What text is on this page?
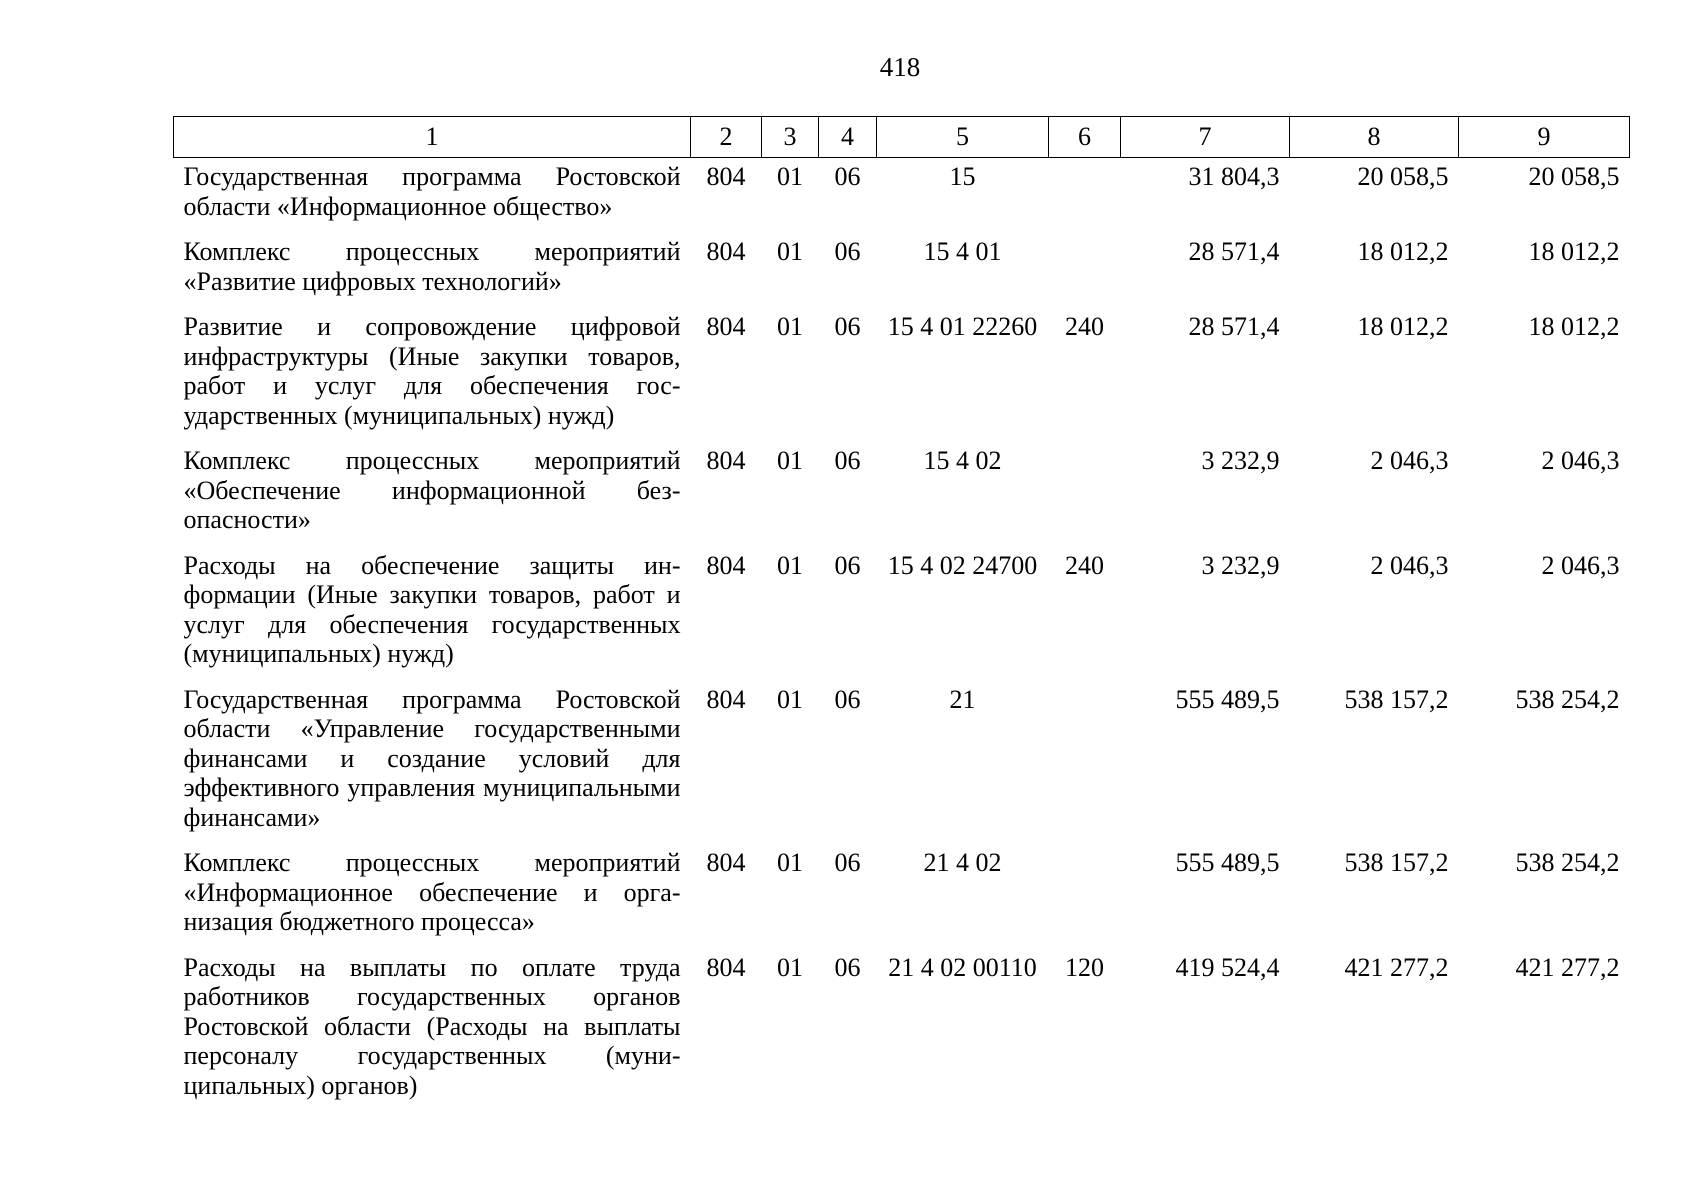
418
1	2	3	4	5	6	7	8	9
Государственная программа Ростовской области «Информационное общество»	804	01	06	15		31 804,3	20 058,5	20 058,5
Комплекс процессных мероприятий «Развитие цифровых технологий»	804	01	06	15 4 01		28 571,4	18 012,2	18 012,2
Развитие и сопровождение цифровой инфраструктуры (Иные закупки товаров, работ и услуг для обеспечения государственных (муниципальных) нужд)	804	01	06	15 4 01 22260	240	28 571,4	18 012,2	18 012,2
Комплекс процессных мероприятий «Обеспечение информационной безопасности»	804	01	06	15 4 02		3 232,9	2 046,3	2 046,3
Расходы на обеспечение защиты информации (Иные закупки товаров, работ и услуг для обеспечения государственных (муниципальных) нужд)	804	01	06	15 4 02 24700	240	3 232,9	2 046,3	2 046,3
Государственная программа Ростовской области «Управление государственными финансами и создание условий для эффективного управления муниципальными финансами»	804	01	06	21		555 489,5	538 157,2	538 254,2
Комплекс процессных мероприятий «Информационное обеспечение и организация бюджетного процесса»	804	01	06	21 4 02		555 489,5	538 157,2	538 254,2
Расходы на выплаты по оплате труда работников государственных органов Ростовской области (Расходы на выплаты персоналу государственных (муниципальных) органов)	804	01	06	21 4 02 00110	120	419 524,4	421 277,2	421 277,2
